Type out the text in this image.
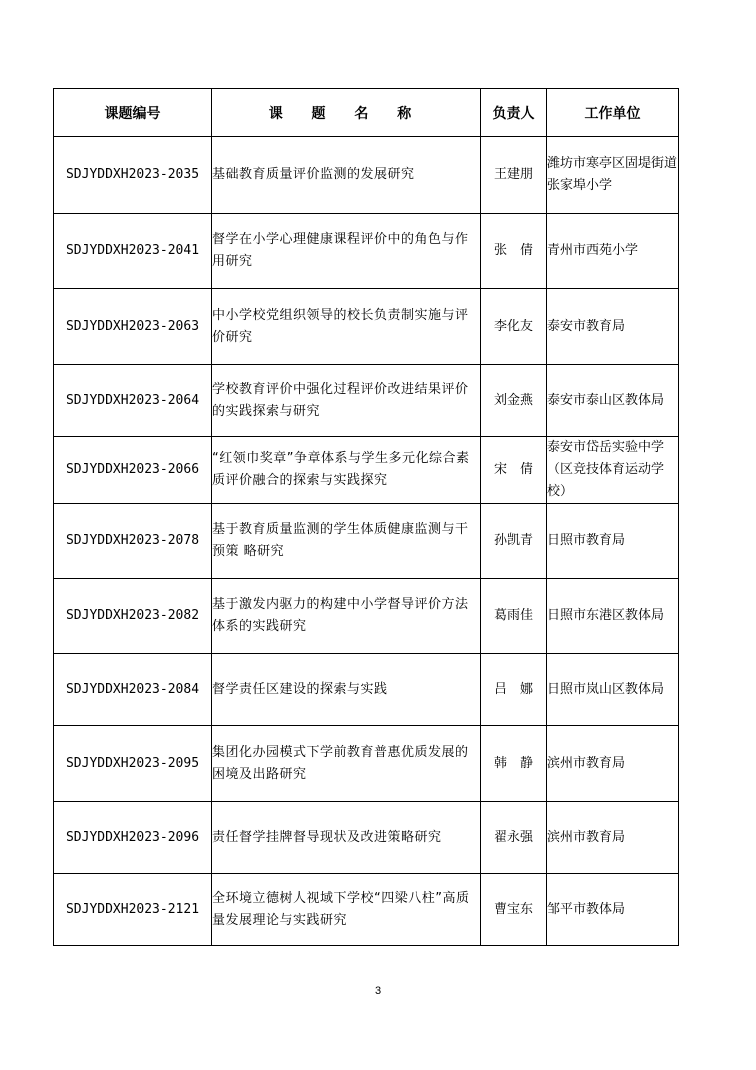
课题编号	课 题 名 称	负责人	工作单位
SDJYDDXH2023-2035	基础教育质量评价监测的发展研究	王建朋	潍坊市寒亭区固堤街道张家埠小学
SDJYDDXH2023-2041	督学在小学心理健康课程评价中的角色与作用研究	张　倩	青州市西苑小学
SDJYDDXH2023-2063	中小学校党组织领导的校长负责制实施与评价研究	李化友	泰安市教育局
SDJYDDXH2023-2064	学校教育评价中强化过程评价改进结果评价的实践探索与研究	刘金燕	泰安市泰山区教体局
SDJYDDXH2023-2066	“红领巾奖章”争章体系与学生多元化综合素质评价融合的探索与实践探究	宋　倩	泰安市岱岳实验中学（区竞技体育运动学校）
SDJYDDXH2023-2078	基于教育质量监测的学生体质健康监测与干预策 略研究	孙凯青	日照市教育局
SDJYDDXH2023-2082	基于激发内驱力的构建中小学督导评价方法体系的实践研究	葛雨佳	日照市东港区教体局
SDJYDDXH2023-2084	督学责任区建设的探索与实践	吕　娜	日照市岚山区教体局
SDJYDDXH2023-2095	集团化办园模式下学前教育普惠优质发展的困境及出路研究	韩　静	滨州市教育局
SDJYDDXH2023-2096	责任督学挂牌督导现状及改进策略研究	翟永强	滨州市教育局
SDJYDDXH2023-2121	全环境立德树人视域下学校“四梁八柱”高质量发展理论与实践研究	曹宝东	邹平市教体局
3
